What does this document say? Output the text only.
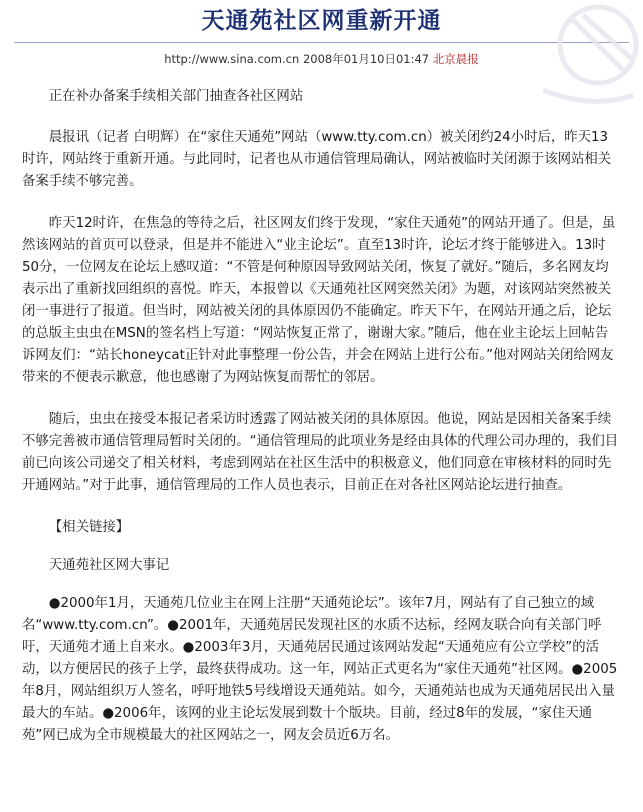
天通苑社区网重新开通
http://www.sina.com.cn 2008年01月10日01:47 北京晨报

正在补办备案手续相关部门抽查各社区网站

晨报讯（记者 白明辉）在“家住天通苑”网站（www.tty.com.cn）被关闭约24小时后，昨天13时许，网站终于重新开通。与此同时，记者也从市通信管理局确认，网站被临时关闭源于该网站相关备案手续不够完善。

昨天12时许，在焦急的等待之后，社区网友们终于发现，“家住天通苑”的网站开通了。但是，虽然该网站的首页可以登录，但是并不能进入“业主论坛”。直至13时许，论坛才终于能够进入。13时50分，一位网友在论坛上感叹道：“不管是何种原因导致网站关闭，恢复了就好。”随后，多名网友均表示出了重新找回组织的喜悦。昨天，本报曾以《天通苑社区网突然关闭》为题，对该网站突然被关闭一事进行了报道。但当时，网站被关闭的具体原因仍不能确定。昨天下午，在网站开通之后，论坛的总版主虫虫在MSN的签名档上写道：“网站恢复正常了，谢谢大家。”随后，他在业主论坛上回帖告诉网友们：“站长honeycat正针对此事整理一份公告，并会在网站上进行公布。”他对网站关闭给网友带来的不便表示歉意，他也感谢了为网站恢复而帮忙的邻居。

随后，虫虫在接受本报记者采访时透露了网站被关闭的具体原因。他说，网站是因相关备案手续不够完善被市通信管理局暂时关闭的。“通信管理局的此项业务是经由具体的代理公司办理的，我们目前已向该公司递交了相关材料，考虑到网站在社区生活中的积极意义，他们同意在审核材料的同时先开通网站。”对于此事，通信管理局的工作人员也表示，目前正在对各社区网站论坛进行抽查。

【相关链接】

天通苑社区网大事记

●2000年1月，天通苑几位业主在网上注册“天通苑论坛”。该年7月，网站有了自己独立的域名“www.tty.com.cn”。●2001年，天通苑居民发现社区的水质不达标，经网友联合向有关部门呼吁，天通苑才通上自来水。●2003年3月，天通苑居民通过该网站发起“天通苑应有公立学校”的活动，以方便居民的孩子上学，最终获得成功。这一年，网站正式更名为“家住天通苑”社区网。●2005年8月，网站组织万人签名，呼吁地铁5号线增设天通苑站。如今，天通苑站也成为天通苑居民出入量最大的车站。●2006年，该网的业主论坛发展到数十个版块。目前，经过8年的发展，“家住天通苑”网已成为全市规模最大的社区网站之一，网友会员近6万名。
